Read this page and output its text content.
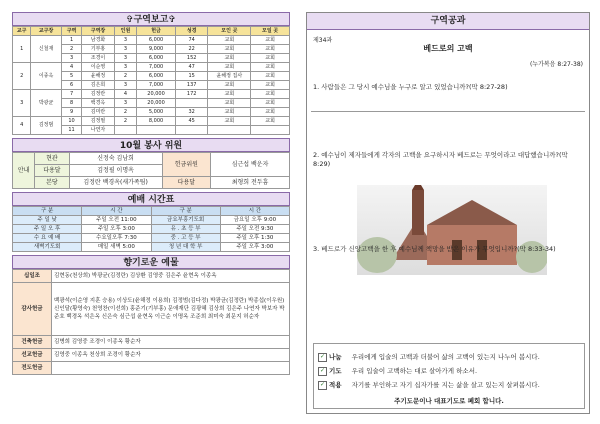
✞구역보고✞
교구	교구장	구역	구역장	인원	헌금	성경	모인 곳	모일 곳
1	신철재	1	남경화	3	6,000	74	교회	교회
		2	기부홍	3	9,000	22	교회	교회
		3	조경이	3	6,000	152	교회	교회
2	이종옥	4	이순영	3	7,000	47	교회	교회
		5	윤해정	2	6,000	15	윤해정 집사	교회
		6	김은희	3	7,000	137	교회	교회
3	박광균	7	김정란	4	20,000	172	교회	교회
		8	백경옥	3	20,000		교회	교회
		9	김미란	2	5,000	32	교회	교회
4	김정범	10	김정필	2	8,000	45	교회	교회
		11	나연자					
10월 봉사 위원
안내	현관	신정숙 김남희	헌금위원	심근섭 백운자
	다용달	김정필 이명옥		
	본당	김정란 백경옥(새가족팀)	다용달	최형희 전두흠
예배 시간표
구 분	시 간	구 분	시 간
주 일 낮	주일 오전 11:00	금요부흥기도회	금요일 오후 9:00
주 일 오 후	주일 오후 3:00	유 . 초 등 부	주일 오전 9:30
수 요 예 배	수요일오후 7:30	중 . 고 등 부	주일 오후 1:30
새벽기도회	매일 새벽 5:00	청 년 대 학 부	주일 오후 3:00
향기로운 예물
십일조	김현동(천상희) 박광균(김정란) 김상환 김영중 김은주 윤현옥 이종옥
감사헌금	백광석(이순영 지훈 승용) 이상도(윤해정 이용희) 김정범(김다정) 박광균(김정란) 박종섭(이우원) 신인달(황영숙) 천영찬(이선희) 홍준기(기부홍) 문애재단 김광혜 김상희 김은주 나연자 박보자 박준호 백경옥 석은옥 신은숙 심근섭 윤현옥 이근순 이명옥 조준희 최미숙 최문지 허순자
건축헌금	김병희 김영중 조경이 이종옥 황순자
선교헌금	김영중 이종옥 천상희 조경이 황순자
전도헌금	
구역공과
제34과
베드로의 고백
(누가복음 8:27-38)
1. 사람들은 그 당시 예수님을 누구로 알고 있었습니까?(막 8:27-28)
2. 예수님이 제자들에게 각자의 고백을 요구하시자 베드로는 무엇이라고 대답했습니까?(막 8:29)
3. 베드로가 신앙고백을 한 후 예수님께 책망을 받은 이유가 무엇입니까?(막 8:33-34)
✓ 나눔 우리에게 입술의 고백과 더불어 삶의 고백이 있는지 나누어 봅시다.
✓ 기도 우리 입술이 고백하는 대로 살아가게 하소서.
✓ 적용 자기를 부인하고 자기 십자가를 지는 삶을 살고 있는지 살펴봅시다.
주기도문이나 대표기도로 폐회 합니다.
